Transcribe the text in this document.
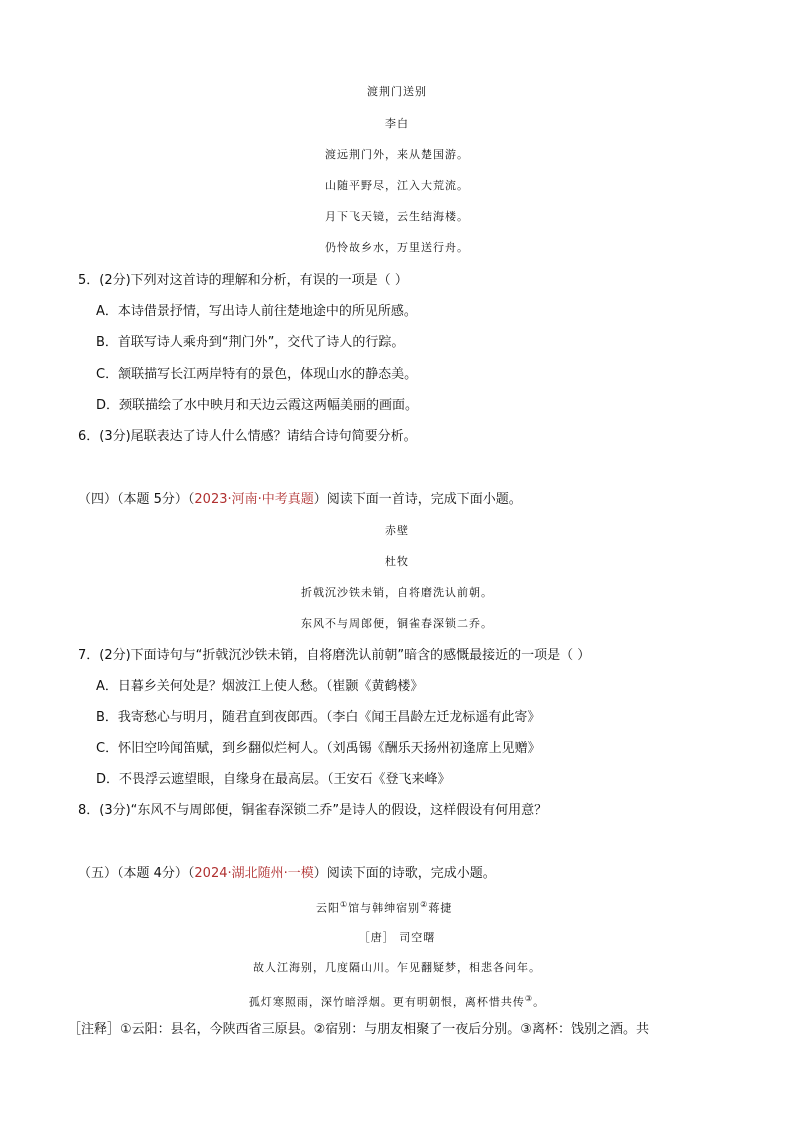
渡荆门送别
李白
渡远荆门外，来从楚国游。
山随平野尽，江入大荒流。
月下飞天镜，云生结海楼。
仍怜故乡水，万里送行舟。
5．(2分)下列对这首诗的理解和分析，有误的一项是（ ）
A．本诗借景抒情，写出诗人前往楚地途中的所见所感。
B．首联写诗人乘舟到“荆门外”，交代了诗人的行踪。
C．颔联描写长江两岸特有的景色，体现山水的静态美。
D．颈联描绘了水中映月和天边云霞这两幅美丽的画面。
6．(3分)尾联表达了诗人什么情感？请结合诗句简要分析。
（四）（本题 5分）（2023·河南·中考真题）阅读下面一首诗，完成下面小题。
赤壁
杜牧
折戟沉沙铁未销，自将磨洗认前朝。
东风不与周郎便，铜雀春深锁二乔。
7．(2分)下面诗句与“折戟沉沙铁未销，自将磨洗认前朝”暗含的感慨最接近的一项是（ ）
A．日暮乡关何处是？烟波江上使人愁。（崔颢《黄鹤楼》
B．我寄愁心与明月，随君直到夜郎西。（李白《闻王昌龄左迁龙标遥有此寄》
C．怀旧空吟闻笛赋，到乡翻似烂柯人。（刘禹锡《酬乐天扬州初逢席上见赠》
D．不畏浮云遮望眼，自缘身在最高层。（王安石《登飞来峰》
8．(3分)“东风不与周郎便，铜雀春深锁二乔”是诗人的假设，这样假设有何用意？
（五）（本题 4分）（2024·湖北随州·一模）阅读下面的诗歌，完成小题。
云阳①馆与韩绅宿别②蒋捷
［唐］ 司空曙
故人江海别，几度隔山川。乍见翻疑梦，相悲各问年。
孤灯寒照雨，深竹暗浮烟。更有明朝恨，离杯惜共传③。
［注释］①云阳：县名，今陕西省三原县。②宿别：与朋友相聚了一夜后分别。③离杯：饯别之酒。共
